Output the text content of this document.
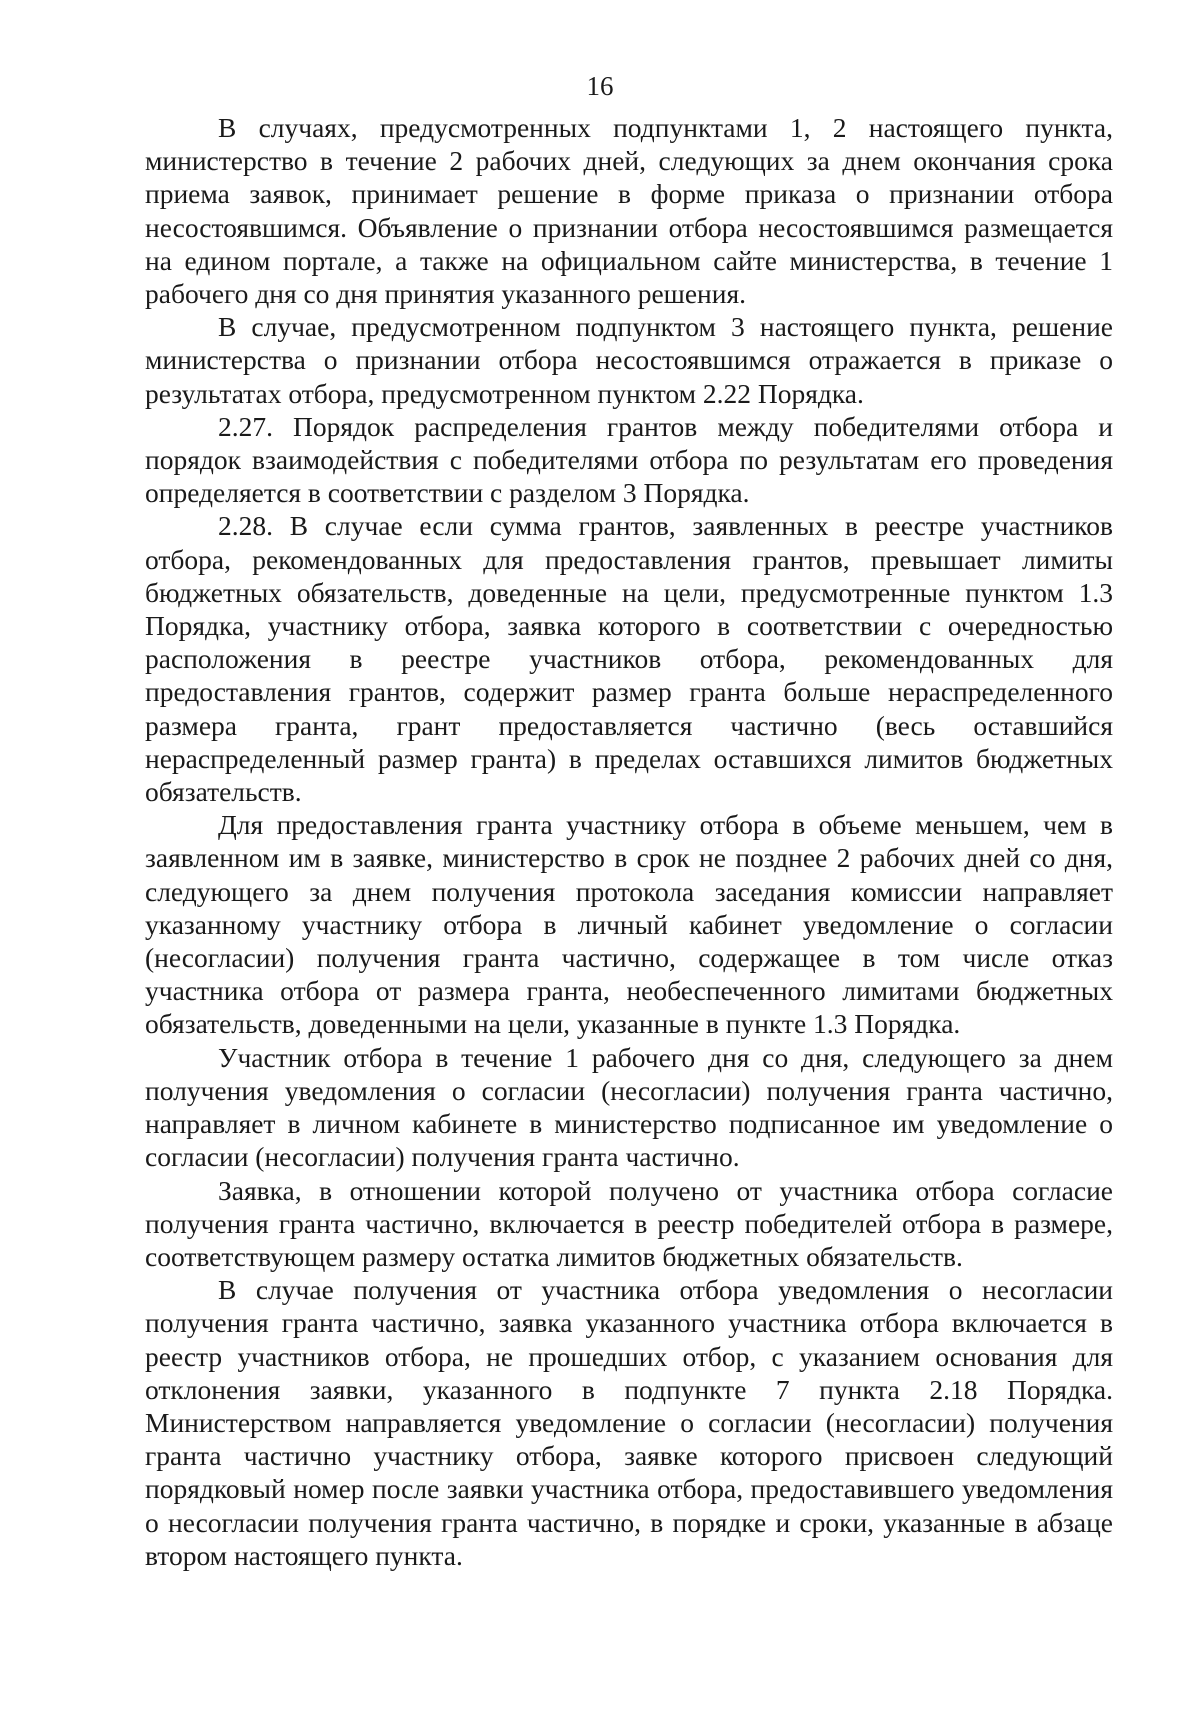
16

В случаях, предусмотренных подпунктами 1, 2 настоящего пункта, министерство в течение 2 рабочих дней, следующих за днем окончания срока приема заявок, принимает решение в форме приказа о признании отбора несостоявшимся. Объявление о признании отбора несостоявшимся размещается на едином портале, а также на официальном сайте министерства, в течение 1 рабочего дня со дня принятия указанного решения.

В случае, предусмотренном подпунктом 3 настоящего пункта, решение министерства о признании отбора несостоявшимся отражается в приказе о результатах отбора, предусмотренном пунктом 2.22 Порядка.

2.27. Порядок распределения грантов между победителями отбора и порядок взаимодействия с победителями отбора по результатам его проведения определяется в соответствии с разделом 3 Порядка.

2.28. В случае если сумма грантов, заявленных в реестре участников отбора, рекомендованных для предоставления грантов, превышает лимиты бюджетных обязательств, доведенные на цели, предусмотренные пунктом 1.3 Порядка, участнику отбора, заявка которого в соответствии с очередностью расположения в реестре участников отбора, рекомендованных для предоставления грантов, содержит размер гранта больше нераспределенного размера гранта, грант предоставляется частично (весь оставшийся нераспределенный размер гранта) в пределах оставшихся лимитов бюджетных обязательств.

Для предоставления гранта участнику отбора в объеме меньшем, чем в заявленном им в заявке, министерство в срок не позднее 2 рабочих дней со дня, следующего за днем получения протокола заседания комиссии направляет указанному участнику отбора в личный кабинет уведомление о согласии (несогласии) получения гранта частично, содержащее в том числе отказ участника отбора от размера гранта, необеспеченного лимитами бюджетных обязательств, доведенными на цели, указанные в пункте 1.3 Порядка.

Участник отбора в течение 1 рабочего дня со дня, следующего за днем получения уведомления о согласии (несогласии) получения гранта частично, направляет в личном кабинете в министерство подписанное им уведомление о согласии (несогласии) получения гранта частично.

Заявка, в отношении которой получено от участника отбора согласие получения гранта частично, включается в реестр победителей отбора в размере, соответствующем размеру остатка лимитов бюджетных обязательств.

В случае получения от участника отбора уведомления о несогласии получения гранта частично, заявка указанного участника отбора включается в реестр участников отбора, не прошедших отбор, с указанием основания для отклонения заявки, указанного в подпункте 7 пункта 2.18 Порядка. Министерством направляется уведомление о согласии (несогласии) получения гранта частично участнику отбора, заявке которого присвоен следующий порядковый номер после заявки участника отбора, предоставившего уведомления о несогласии получения гранта частично, в порядке и сроки, указанные в абзаце втором настоящего пункта.
